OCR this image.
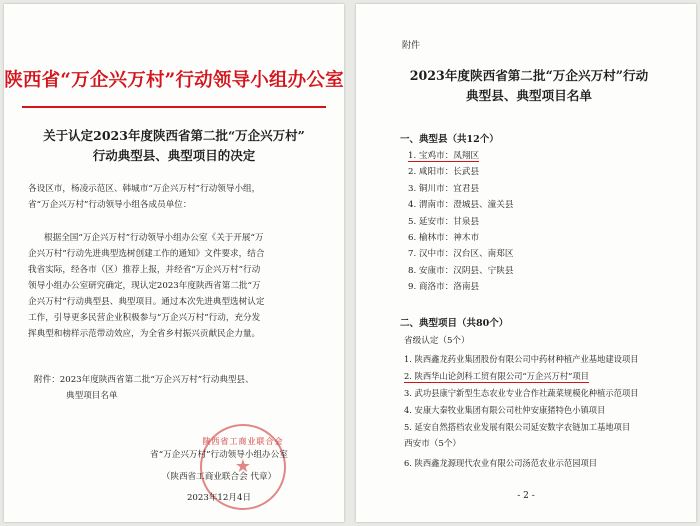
陕西省“万企兴万村”行动领导小组办公室
关于认定2023年度陕西省第二批“万企兴万村”
行动典型县、典型项目的决定

各设区市，杨凌示范区、韩城市“万企兴万村”行动领导小组，

省“万企兴万村”行动领导小组各成员单位：

根据全国“万企兴万村”行动领导小组办公室《关于开展“万

企兴万村”行动先进典型选树创建工作的通知》文件要求，结合

我省实际，经各市（区）推荐上报，并经省“万企兴万村”行动

领导小组办公室研究确定，现认定2023年度陕西省第二批“万

企兴万村”行动典型县、典型项目。通过本次先进典型选树认定

工作，引导更多民营企业积极参与“万企兴万村”行动，充分发

挥典型和榜样示范带动效应，为全省乡村振兴贡献民企力量。

附件：2023年度陕西省第二批“万企兴万村”行动典型县、

典型项目名单

陕西省工商业联合会
★
省“万企兴万村”行动领导小组办公室
（陕西省工商业联合会 代章）
2023年12月4日
附件
2023年度陕西省第二批“万企兴万村”行动
典型县、典型项目名单
一、典型县（共12个）
1. 宝鸡市：凤翔区
2. 咸阳市：长武县
3. 铜川市：宜君县
4. 渭南市：澄城县、潼关县
5. 延安市：甘泉县
6. 榆林市：神木市
7. 汉中市：汉台区、南郑区
8. 安康市：汉阴县、宁陕县
9. 商洛市：洛南县
二、典型项目（共80个）
省级认定（5个）
1. 陕西鑫龙药业集团股份有限公司中药材种植产业基地建设项目
2. 陕西华山论剑科工贸有限公司“万企兴万村”项目
3. 武功县康宁新型生态农业专业合作社蔬菜规模化种植示范项目
4. 安康大秦牧业集团有限公司杜仲安康猪特色小镇项目
5. 延安自然搭档农业发展有限公司延安数字农链加工基地项目
西安市（5个）
6. 陕西鑫龙源现代农业有限公司汤范农业示范园项目
- 2 -
